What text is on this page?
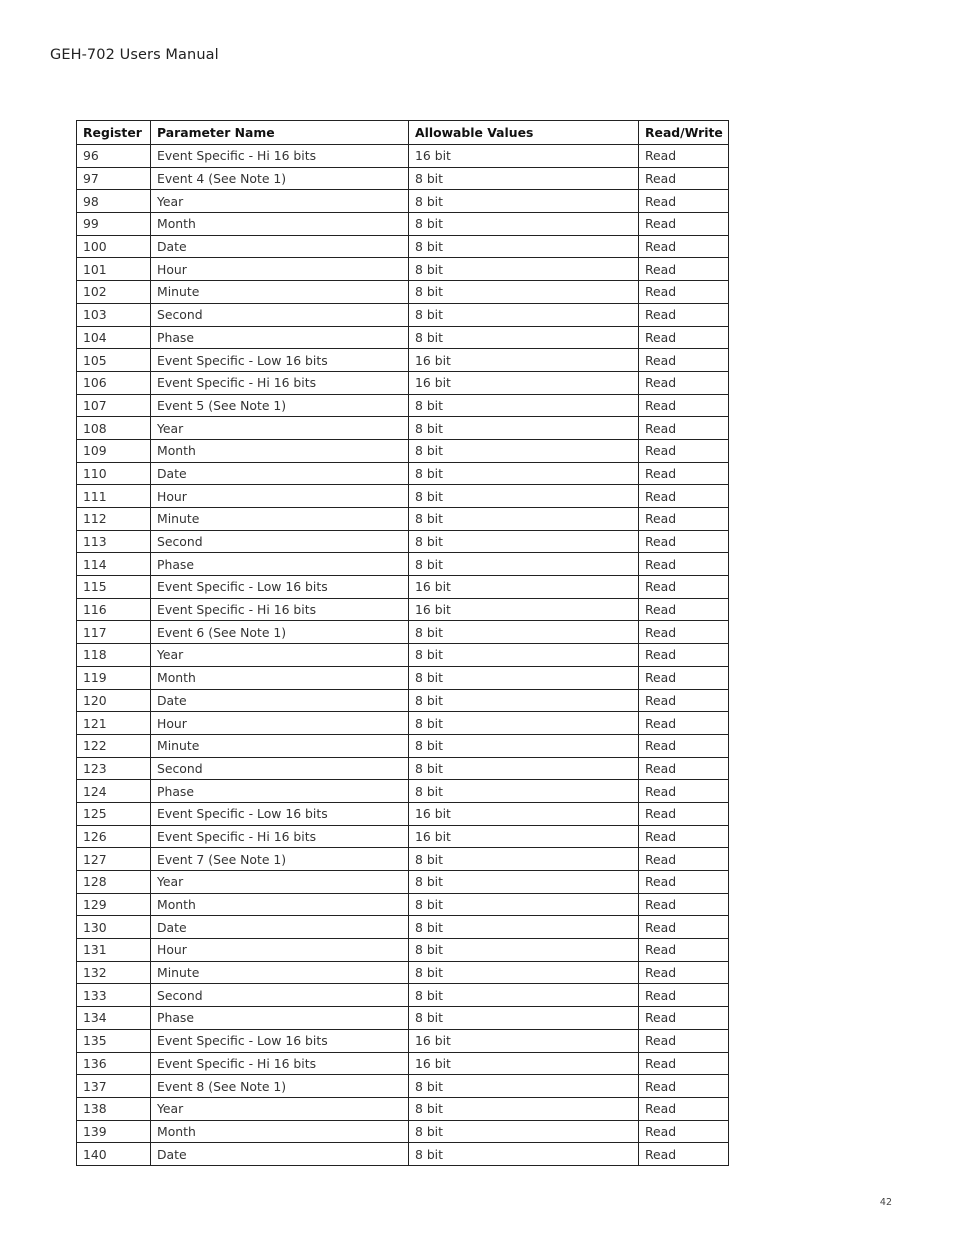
GEH-702 Users Manual
Register	Parameter Name	Allowable Values	Read/Write
96	Event Specific - Hi 16 bits	16 bit	Read
97	Event 4 (See Note 1)	8 bit	Read
98	Year	8 bit	Read
99	Month	8 bit	Read
100	Date	8 bit	Read
101	Hour	8 bit	Read
102	Minute	8 bit	Read
103	Second	8 bit	Read
104	Phase	8 bit	Read
105	Event Specific - Low 16 bits	16 bit	Read
106	Event Specific - Hi 16 bits	16 bit	Read
107	Event 5 (See Note 1)	8 bit	Read
108	Year	8 bit	Read
109	Month	8 bit	Read
110	Date	8 bit	Read
111	Hour	8 bit	Read
112	Minute	8 bit	Read
113	Second	8 bit	Read
114	Phase	8 bit	Read
115	Event Specific - Low 16 bits	16 bit	Read
116	Event Specific - Hi 16 bits	16 bit	Read
117	Event 6 (See Note 1)	8 bit	Read
118	Year	8 bit	Read
119	Month	8 bit	Read
120	Date	8 bit	Read
121	Hour	8 bit	Read
122	Minute	8 bit	Read
123	Second	8 bit	Read
124	Phase	8 bit	Read
125	Event Specific - Low 16 bits	16 bit	Read
126	Event Specific - Hi 16 bits	16 bit	Read
127	Event 7 (See Note 1)	8 bit	Read
128	Year	8 bit	Read
129	Month	8 bit	Read
130	Date	8 bit	Read
131	Hour	8 bit	Read
132	Minute	8 bit	Read
133	Second	8 bit	Read
134	Phase	8 bit	Read
135	Event Specific - Low 16 bits	16 bit	Read
136	Event Specific - Hi 16 bits	16 bit	Read
137	Event 8 (See Note 1)	8 bit	Read
138	Year	8 bit	Read
139	Month	8 bit	Read
140	Date	8 bit	Read
42
